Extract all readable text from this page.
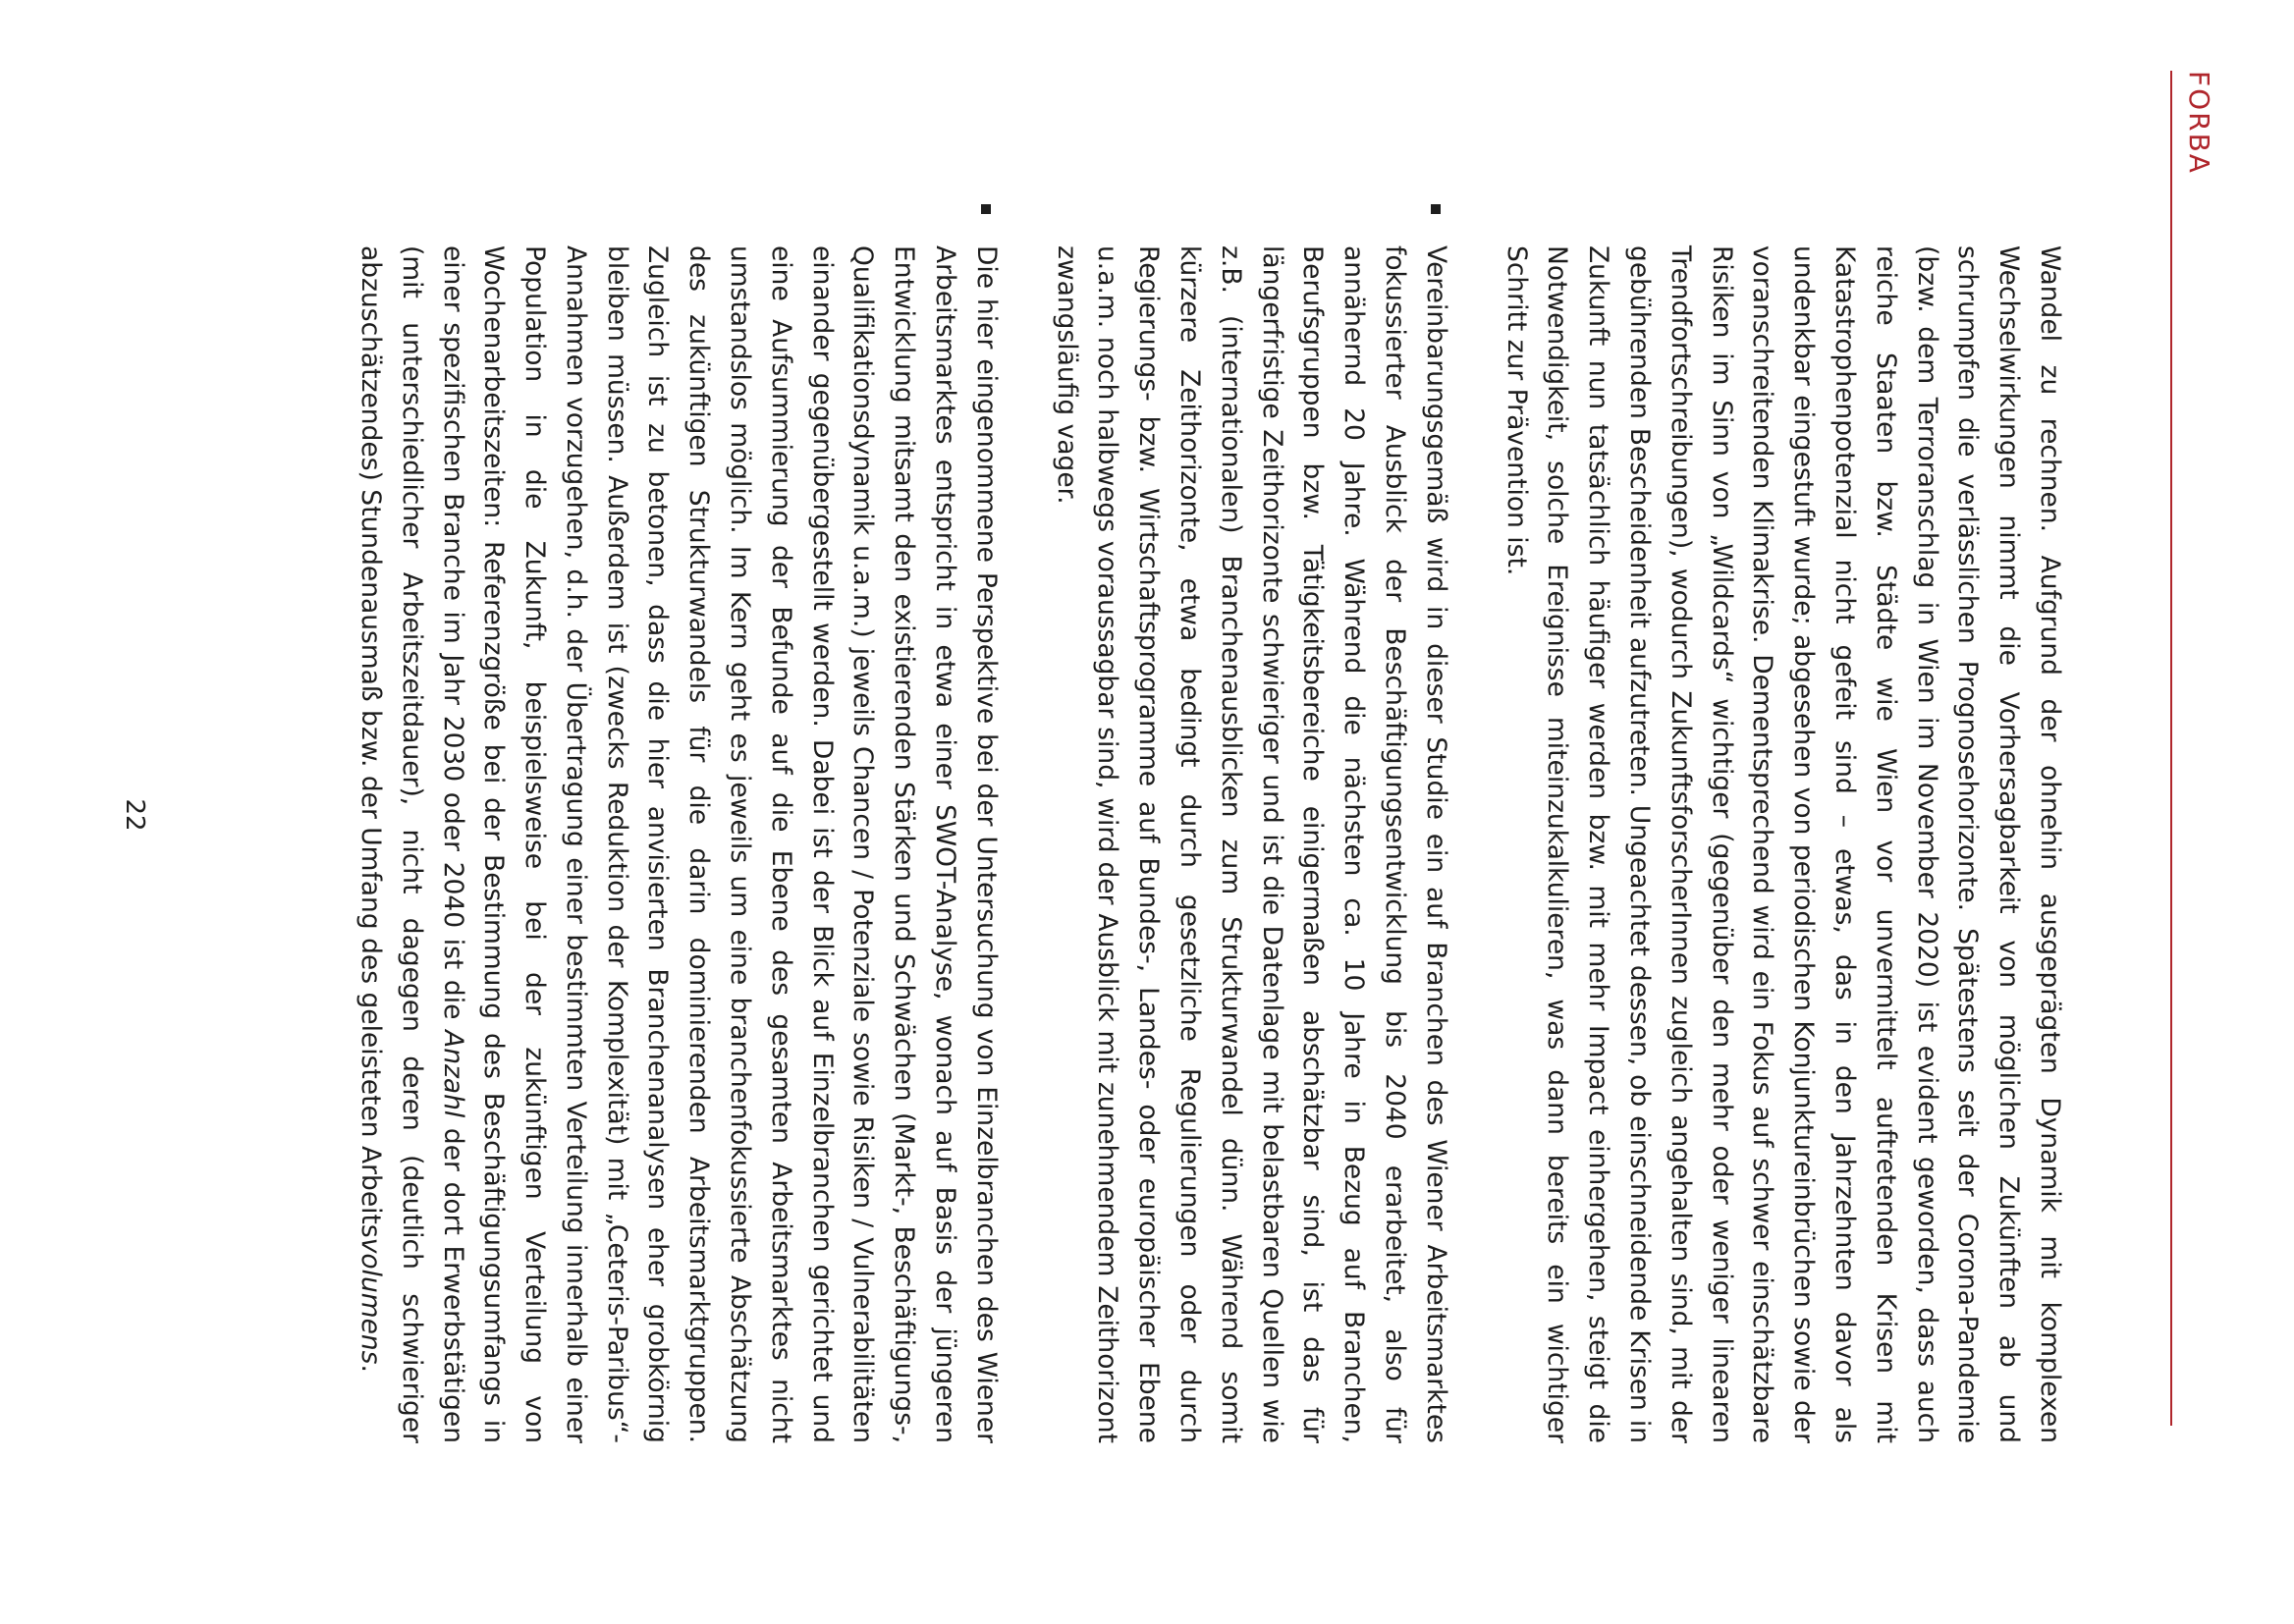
FORBA

Wandel zu rechnen. Aufgrund der ohnehin ausgeprägten Dynamik mit komplexen Wechselwirkungen nimmt die Vorhersagbarkeit von möglichen Zukünften ab und schrumpfen die verlässlichen Prognosehorizonte. Spätestens seit der Corona-Pandemie (bzw. dem Terroranschlag in Wien im November 2020) ist evident geworden, dass auch reiche Staaten bzw. Städte wie Wien vor unvermittelt auftretenden Krisen mit Katastrophenpotenzial nicht gefeit sind – etwas, das in den Jahrzehnten davor als undenkbar eingestuft wurde; abgesehen von periodischen Konjunktureinbrüchen sowie der voranschreitenden Klimakrise. Dementsprechend wird ein Fokus auf schwer einschätzbare Risiken im Sinn von „Wildcards“ wichtiger (gegenüber den mehr oder weniger linearen Trendfortschreibungen), wodurch ZukunftsforscherInnen zugleich angehalten sind, mit der gebührenden Bescheidenheit aufzutreten. Ungeachtet dessen, ob einschneidende Krisen in Zukunft nun tatsächlich häufiger werden bzw. mit mehr Impact einhergehen, steigt die Notwendigkeit, solche Ereignisse miteinzukalkulieren, was dann bereits ein wichtiger Schritt zur Prävention ist.

Vereinbarungsgemäß wird in dieser Studie ein auf Branchen des Wiener Arbeitsmarktes fokussierter Ausblick der Beschäftigungsentwicklung bis 2040 erarbeitet, also für annähernd 20 Jahre. Während die nächsten ca. 10 Jahre in Bezug auf Branchen, Berufsgruppen bzw. Tätigkeitsbereiche einigermaßen abschätzbar sind, ist das für längerfristige Zeithorizonte schwieriger und ist die Datenlage mit belastbaren Quellen wie z.B. (internationalen) Branchenausblicken zum Strukturwandel dünn. Während somit kürzere Zeithorizonte, etwa bedingt durch gesetzliche Regulierungen oder durch Regierungs- bzw. Wirtschaftsprogramme auf Bundes-, Landes- oder europäischer Ebene u.a.m. noch halbwegs voraussagbar sind, wird der Ausblick mit zunehmendem Zeithorizont zwangsläufig vager.

Die hier eingenommene Perspektive bei der Untersuchung von Einzelbranchen des Wiener Arbeitsmarktes entspricht in etwa einer SWOT-Analyse, wonach auf Basis der jüngeren Entwicklung mitsamt den existierenden Stärken und Schwächen (Markt-, Beschäftigungs-, Qualifikationsdynamik u.a.m.) jeweils Chancen / Potenziale sowie Risiken / Vulnerabilitäten einander gegenübergestellt werden. Dabei ist der Blick auf Einzelbranchen gerichtet und eine Aufsummierung der Befunde auf die Ebene des gesamten Arbeitsmarktes nicht umstandslos möglich. Im Kern geht es jeweils um eine branchenfokussierte Abschätzung des zukünftigen Strukturwandels für die darin dominierenden Arbeitsmarktgruppen. Zugleich ist zu betonen, dass die hier anvisierten Branchenanalysen eher grobkörnig bleiben müssen. Außerdem ist (zwecks Reduktion der Komplexität) mit „Ceteris-Paribus“-Annahmen vorzugehen, d.h. der Übertragung einer bestimmten Verteilung innerhalb einer Population in die Zukunft, beispielsweise bei der zukünftigen Verteilung von Wochenarbeitszeiten: Referenzgröße bei der Bestimmung des Beschäftigungsumfangs in einer spezifischen Branche im Jahr 2030 oder 2040 ist die Anzahl der dort Erwerbstätigen (mit unterschiedlicher Arbeitszeitdauer), nicht dagegen deren (deutlich schwieriger abzuschätzendes) Stundenausmaß bzw. der Umfang des geleisteten Arbeitsvolumens.

22
